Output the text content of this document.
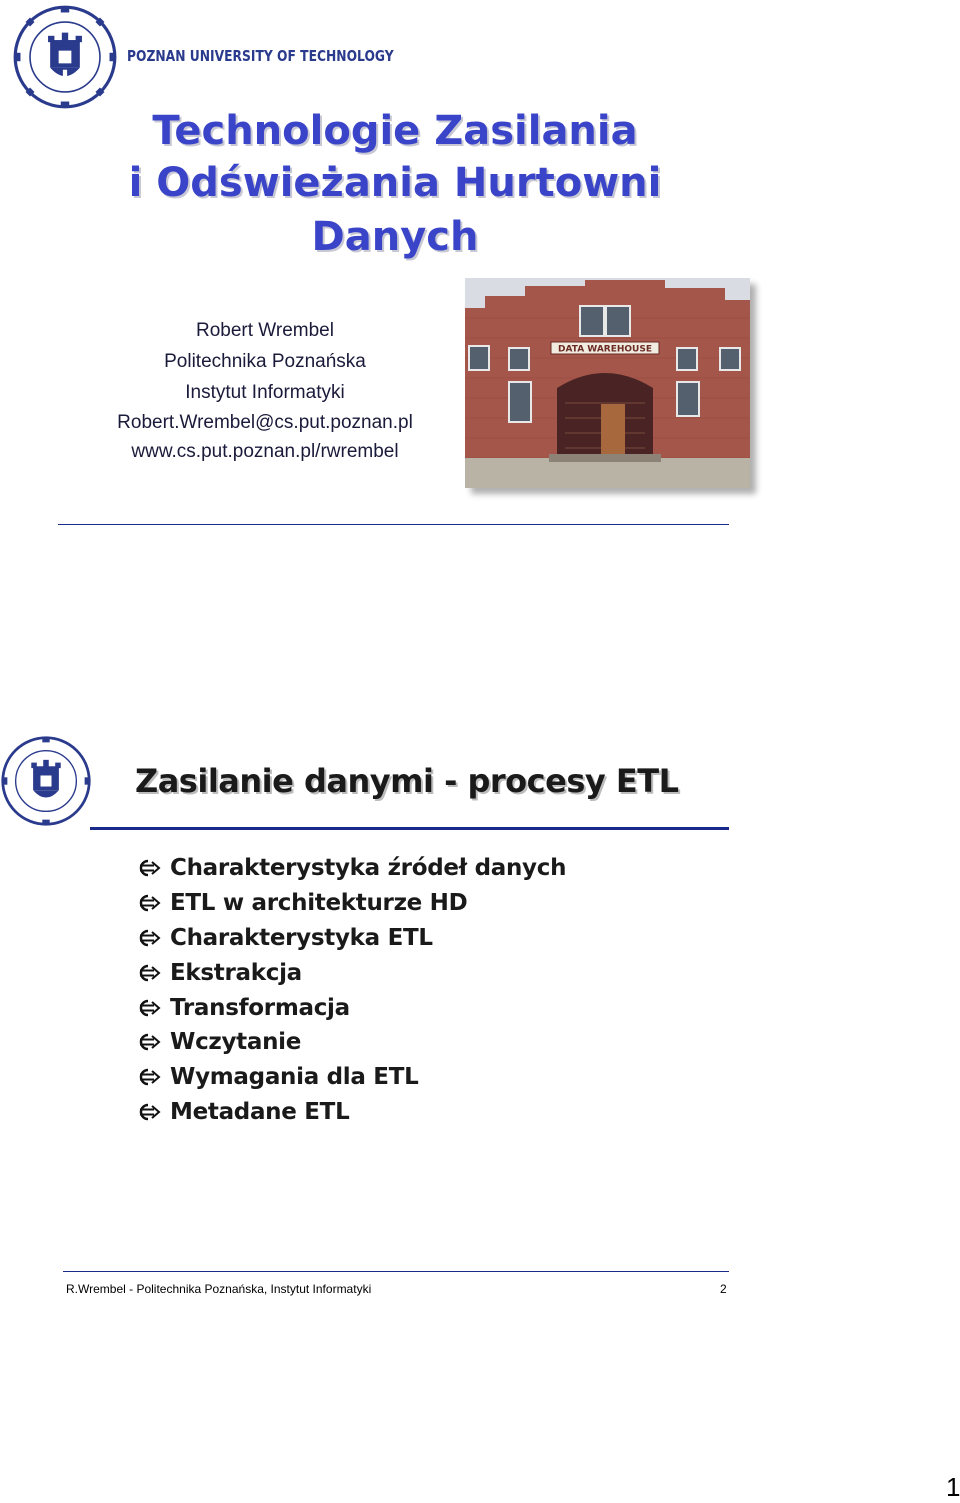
POZNAN UNIVERSITY OF TECHNOLOGY
Technologie Zasilania
i Odświeżania Hurtowni
Danych
Robert Wrembel
Politechnika Poznańska
Instytut Informatyki
Robert.Wrembel@cs.put.poznan.pl
www.cs.put.poznan.pl/rwrembel
DATA WAREHOUSE
Zasilanie danymi - procesy ETL
Charakterystyka źródeł danych
ETL w architekturze HD
Charakterystyka ETL
Ekstrakcja
Transformacja
Wczytanie
Wymagania dla ETL
Metadane ETL
R.Wrembel - Politechnika Poznańska, Instytut Informatyki	2
1
